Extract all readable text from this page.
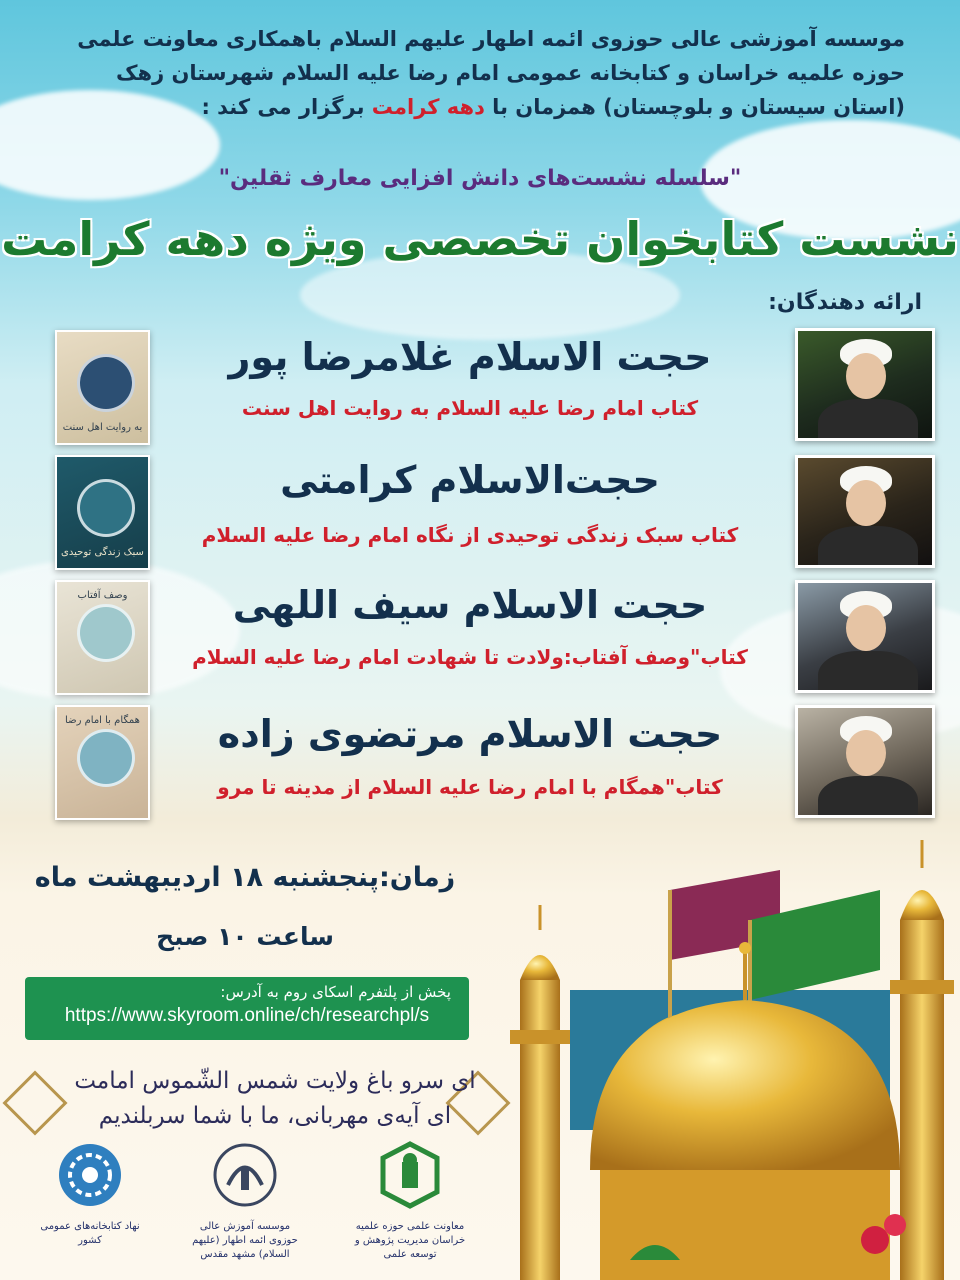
موسسه آموزشی عالی حوزوی ائمه اطهار علیهم السلام باهمکاری معاونت علمی
حوزه علمیه خراسان و کتابخانه عمومی امام رضا علیه السلام شهرستان زهک
(استان سیستان و بلوچستان) همزمان با دهه کرامت برگزار می کند :
"سلسله نشست‌های دانش افزایی معارف ثقلین"
نشست کتابخوان تخصصی ویژه دهه کرامت
ارائه دهندگان:
به روایت اهل سنت
حجت الاسلام غلامرضا پور
کتاب امام رضا علیه السلام به روایت اهل سنت
سبک زندگی توحیدی
حجت‌الاسلام کرامتی
کتاب سبک زندگی توحیدی از نگاه امام رضا علیه السلام
وصف آفتاب	حجت الاسلام سیف اللهی
کتاب"وصف آفتاب:ولادت تا شهادت امام رضا علیه السلام
همگام با امام رضا	حجت الاسلام مرتضوی زاده
کتاب"همگام با امام رضا علیه السلام از مدینه تا مرو
زمان:پنجشنبه ۱۸ اردیبهشت ماه
ساعت ۱۰ صبح
پخش از پلتفرم اسکای روم به آدرس:
https://www.skyroom.online/ch/researchpl/s
ای سرو باغ ولایت شمس الشّموس امامت
ای آیه‌ی مهربانی، ما با شما سربلندیم
معاونت علمی حوزه علمیه خراسان مدیریت پژوهش و توسعه علمی
موسسه آموزش عالی حوزوی ائمه اطهار (علیهم السلام) مشهد مقدس
نهاد کتابخانه‌های عمومی کشور
